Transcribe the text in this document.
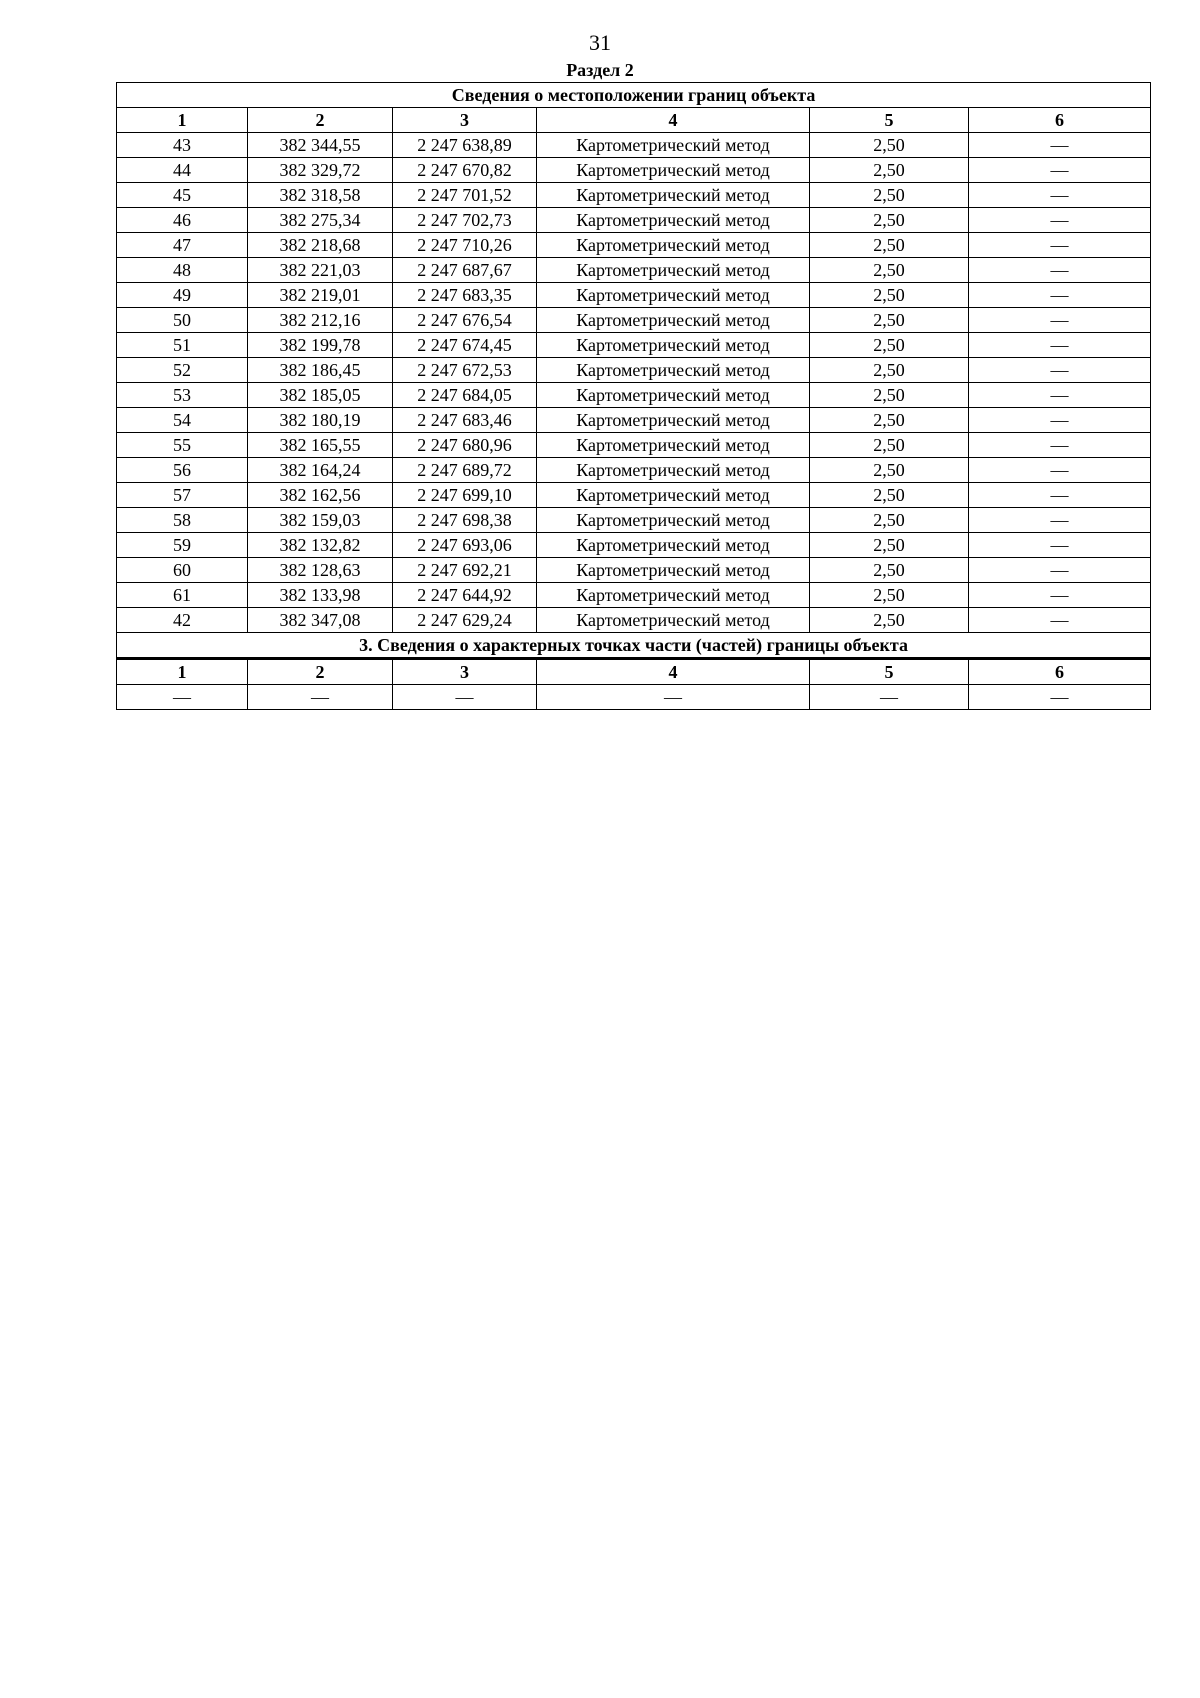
31
Раздел 2
Сведения о местоположении границ объекта					
1	2	3	4	5	6
43	382 344,55	2 247 638,89	Картометрический метод	2,50	—
44	382 329,72	2 247 670,82	Картометрический метод	2,50	—
45	382 318,58	2 247 701,52	Картометрический метод	2,50	—
46	382 275,34	2 247 702,73	Картометрический метод	2,50	—
47	382 218,68	2 247 710,26	Картометрический метод	2,50	—
48	382 221,03	2 247 687,67	Картометрический метод	2,50	—
49	382 219,01	2 247 683,35	Картометрический метод	2,50	—
50	382 212,16	2 247 676,54	Картометрический метод	2,50	—
51	382 199,78	2 247 674,45	Картометрический метод	2,50	—
52	382 186,45	2 247 672,53	Картометрический метод	2,50	—
53	382 185,05	2 247 684,05	Картометрический метод	2,50	—
54	382 180,19	2 247 683,46	Картометрический метод	2,50	—
55	382 165,55	2 247 680,96	Картометрический метод	2,50	—
56	382 164,24	2 247 689,72	Картометрический метод	2,50	—
57	382 162,56	2 247 699,10	Картометрический метод	2,50	—
58	382 159,03	2 247 698,38	Картометрический метод	2,50	—
59	382 132,82	2 247 693,06	Картометрический метод	2,50	—
60	382 128,63	2 247 692,21	Картометрический метод	2,50	—
61	382 133,98	2 247 644,92	Картометрический метод	2,50	—
42	382 347,08	2 247 629,24	Картометрический метод	2,50	—
3. Сведения о характерных точках части (частей) границы объекта					
1	2	3	4	5	6
—	—	—	—	—	—
